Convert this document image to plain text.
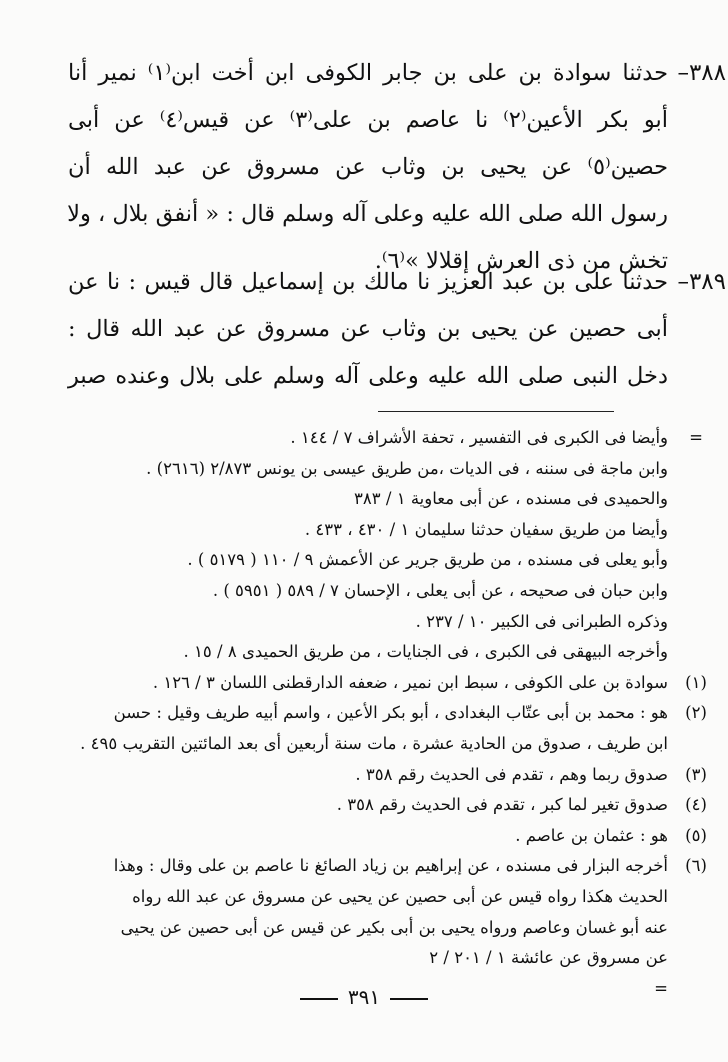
٣٨٨–
حدثنا سوادة بن على بن جابر الكوفى ابن أخت ابن⁽١⁾ نمير أنا
أبو بكر الأعين⁽٢⁾ نا عاصم بن على⁽٣⁾ عن قيس⁽٤⁾ عن أبى
حصين⁽٥⁾ عن يحيى بن وثاب عن مسروق عن عبد الله أن
رسول الله صلى الله عليه وعلى آله وسلم قال : « أنفق بلال ، ولا
تخش من ذى العرش إقلالا »⁽٦⁾.
٣٨٩–
حدثنا على بن عبد العزيز نا مالك بن إسماعيل قال قيس : نا عن
أبى حصين عن يحيى بن وثاب عن مسروق عن عبد الله قال :
دخل النبى صلى الله عليه وعلى آله وسلم على بلال وعنده صبر
=
وأيضا فى الكبرى فى التفسير ، تحفة الأشراف ٧ / ١٤٤ .
وابن ماجة فى سننه ، فى الديات ،من طريق عيسى بن يونس ٢/٨٧٣ (٢٦١٦) .
والحميدى فى مسنده ، عن أبى معاوية ١ / ٣٨٣
وأيضا من طريق سفيان حدثنا سليمان ١ / ٤٣٠ ، ٤٣٣ .
وأبو يعلى فى مسنده ، من طريق جرير عن الأعمش ٩ / ١١٠ ( ٥١٧٩ ) .
وابن حبان فى صحيحه ، عن أبى يعلى ، الإحسان ٧ / ٥٨٩ ( ٥٩٥١ ) .
وذكره الطبرانى فى الكبير ١٠ / ٢٣٧ .
وأخرجه البيهقى فى الكبرى ، فى الجنايات ، من طريق الحميدى ٨ / ١٥ .
(١)
سوادة بن على الكوفى ، سبط ابن نمير ، ضعفه الدارقطنى اللسان ٣ / ١٢٦ .
(٢)
هو : محمد بن أبى عتّاب البغدادى ، أبو بكر الأعين ، واسم أبيه طريف وقيل : حسن
ابن طريف ، صدوق من الحادية عشرة ، مات سنة أربعين أى بعد المائتين التقريب ٤٩٥ .
(٣)
صدوق ربما وهم ، تقدم فى الحديث رقم ٣٥٨ .
(٤)
صدوق تغير لما كبر ، تقدم فى الحديث رقم ٣٥٨ .
(٥)
هو : عثمان بن عاصم .
(٦)
أخرجه البزار فى مسنده ، عن إبراهيم بن زياد الصائغ نا عاصم بن على وقال : وهذا
الحديث هكذا رواه قيس عن أبى حصين عن يحيى عن مسروق عن عبد الله رواه
عنه أبو غسان وعاصم ورواه يحيى بن أبى بكير عن قيس عن أبى حصين عن يحيى
عن مسروق عن عائشة ١ / ٢٠١ / ٢
=
٣٩١
